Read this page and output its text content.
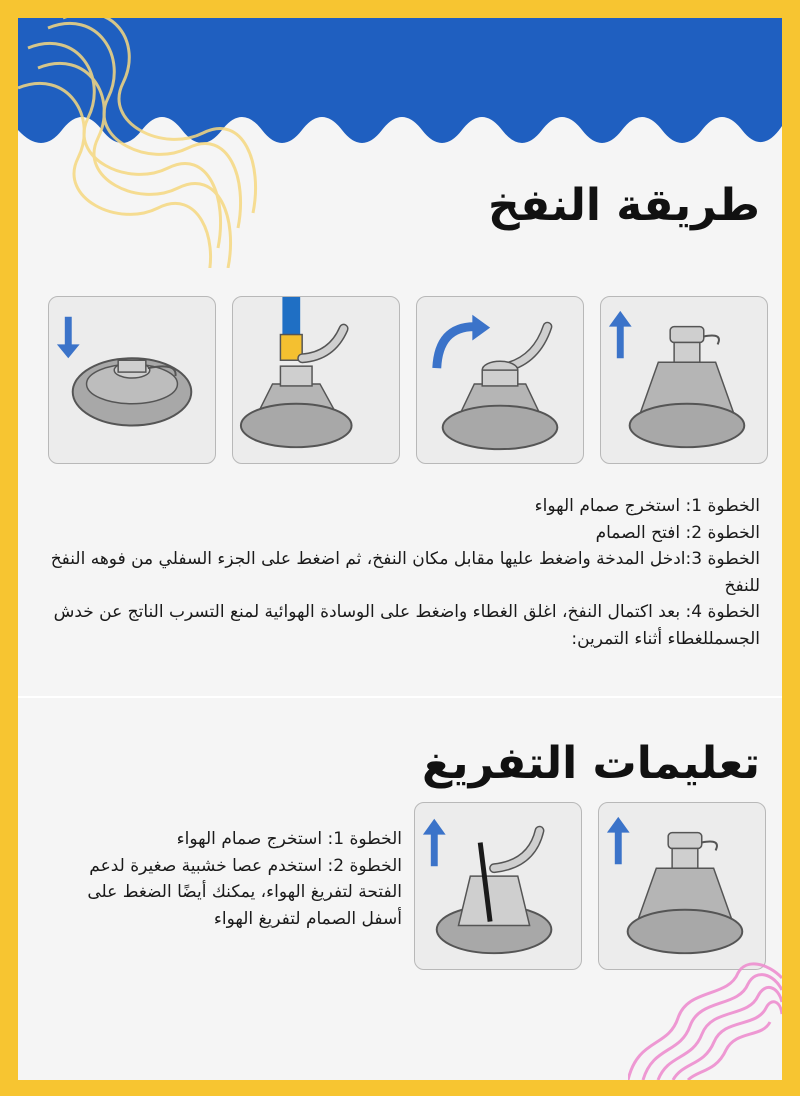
طريقة النفخ

الخطوة 1: استخرج صمام الهواء

الخطوة 2: افتح الصمام

الخطوة 3:ادخل المدخة واضغط عليها مقابل مكان النفخ، ثم اضغط على الجزء السفلي من فوهه النفخ للنفخ

الخطوة 4: بعد اكتمال النفخ، اغلق الغطاء واضغط على الوسادة الهوائية لمنع التسرب الناتج عن خدش الجسمللغطاء أثناء التمرين:

تعليمات التفريغ

الخطوة 1: استخرج صمام الهواء

الخطوة 2: استخدم عصا خشبية صغيرة لدعم الفتحة لتفريغ الهواء، يمكنك أيضًا الضغط على أسفل الصمام لتفريغ الهواء
